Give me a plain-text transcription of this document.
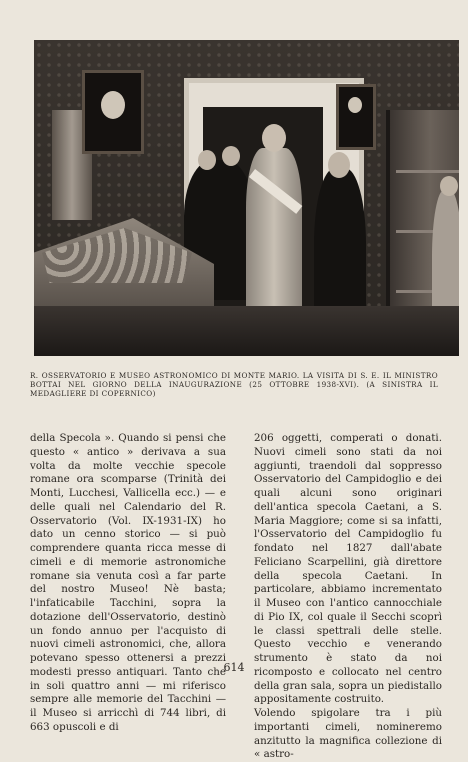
R. OSSERVATORIO E MUSEO ASTRONOMICO DI MONTE MARIO. LA VISITA DI S. E. IL MINISTRO BOTTAI NEL GIORNO DELLA INAUGURAZIONE (25 OTTOBRE 1938-XVI). (A SINISTRA IL MEDAGLIERE DI COPERNICO)

della Specola ». Quando si pensi che questo « antico » derivava a sua volta da molte vecchie specole romane ora scomparse (Trinità dei Monti, Lucchesi, Vallicella ecc.) — e delle quali nel Calendario del R. Osservatorio (Vol. IX-1931-IX) ho dato un cenno storico — si può comprendere quanta ricca messe di cimeli e di memorie astronomiche romane sia venuta così a far parte del nostro Museo! Nè basta; l'infaticabile Tacchini, sopra la dotazione dell'Osservatorio, destinò un fondo annuo per l'acquisto di nuovi cimeli astronomici, che, allora potevano spesso ottenersi a prezzi modesti presso antiquari. Tanto che in soli quattro anni — mi riferisco sempre alle memorie del Tacchini — il Museo si arricchì di 744 libri, di 663 opuscoli e di

206 oggetti, comperati o donati. Nuovi cimeli sono stati da noi aggiunti, traendoli dal soppresso Osservatorio del Campidoglio e dei quali alcuni sono originari dell'antica specola Caetani, a S. Maria Maggiore; come si sa infatti, l'Osservatorio del Campidoglio fu fondato nel 1827 dall'abate Feliciano Scarpellini, già direttore della specola Caetani. In particolare, abbiamo incrementato il Museo con l'antico cannocchiale di Pio IX, col quale il Secchi scoprì le classi spettrali delle stelle. Questo vecchio e venerando strumento è stato da noi ricomposto e collocato nel centro della gran sala, sopra un piedistallo appositamente costruito.

Volendo spigolare tra i più importanti cimeli, nomineremo anzitutto la magnifica collezione di « astro-

614
